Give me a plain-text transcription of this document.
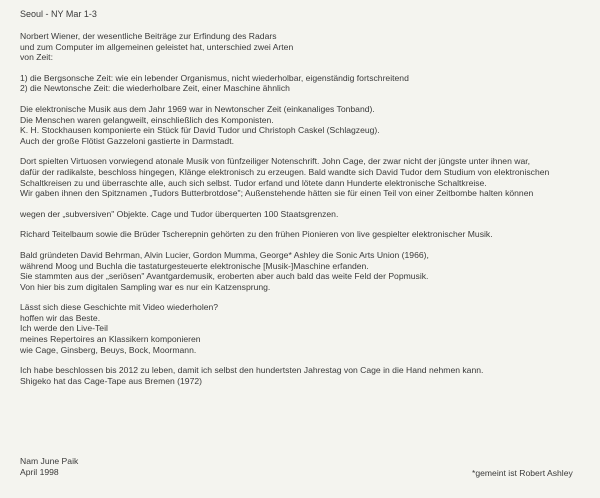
Seoul - NY Mar 1-3

Norbert Wiener, der wesentliche Beiträge zur Erfindung des Radars

und zum Computer im allgemeinen geleistet hat, unterschied zwei Arten

von Zeit:

1) die Bergsonsche Zeit: wie ein lebender Organismus, nicht wiederholbar, eigenständig fortschreitend

2) die Newtonsche Zeit: die wiederholbare Zeit, einer Maschine ähnlich

Die elektronische Musik aus dem Jahr 1969 war in Newtonscher Zeit (einkanaliges Tonband).

Die Menschen waren gelangweilt, einschließlich des Komponisten.

K. H. Stockhausen komponierte ein Stück für David Tudor und Christoph Caskel (Schlagzeug).

Auch der große Flötist Gazzeloni gastierte in Darmstadt.

Dort spielten Virtuosen vorwiegend atonale Musik von fünfzeiliger Notenschrift. John Cage, der zwar nicht der jüngste unter ihnen war,

dafür der radikalste, beschloss hingegen, Klänge elektronisch zu erzeugen. Bald wandte sich David Tudor dem Studium von elektronischen

Schaltkreisen zu und überraschte alle, auch sich selbst. Tudor erfand und lötete dann Hunderte elektronische Schaltkreise.

Wir gaben ihnen den Spitznamen „Tudors Butterbrotdose"; Außenstehende hätten sie für einen Teil von einer Zeitbombe halten können

wegen der „subversiven" Objekte. Cage und Tudor überquerten 100 Staatsgrenzen.

Richard Teitelbaum sowie die Brüder Tscherepnin gehörten zu den frühen Pionieren von live gespielter elektronischer Musik.

Bald gründeten David Behrman, Alvin Lucier, Gordon Mumma, George* Ashley die Sonic Arts Union (1966),

während Moog und Buchla die tastaturgesteuerte elektronische [Musik-]Maschine erfanden.

Sie stammten aus der „seriösen" Avantgardemusik, eroberten aber auch bald das weite Feld der Popmusik.

Von hier bis zum digitalen Sampling war es nur ein Katzensprung.

Lässt sich diese Geschichte mit Video wiederholen?

hoffen wir das Beste.

Ich werde den Live-Teil

meines Repertoires an Klassikern komponieren

wie Cage, Ginsberg, Beuys, Bock, Moormann.

Ich habe beschlossen bis 2012 zu leben, damit ich selbst den hundertsten Jahrestag von Cage in die Hand nehmen kann.

Shigeko hat das Cage-Tape aus Bremen (1972)

Nam June Paik

April 1998	*gemeint ist Robert Ashley
